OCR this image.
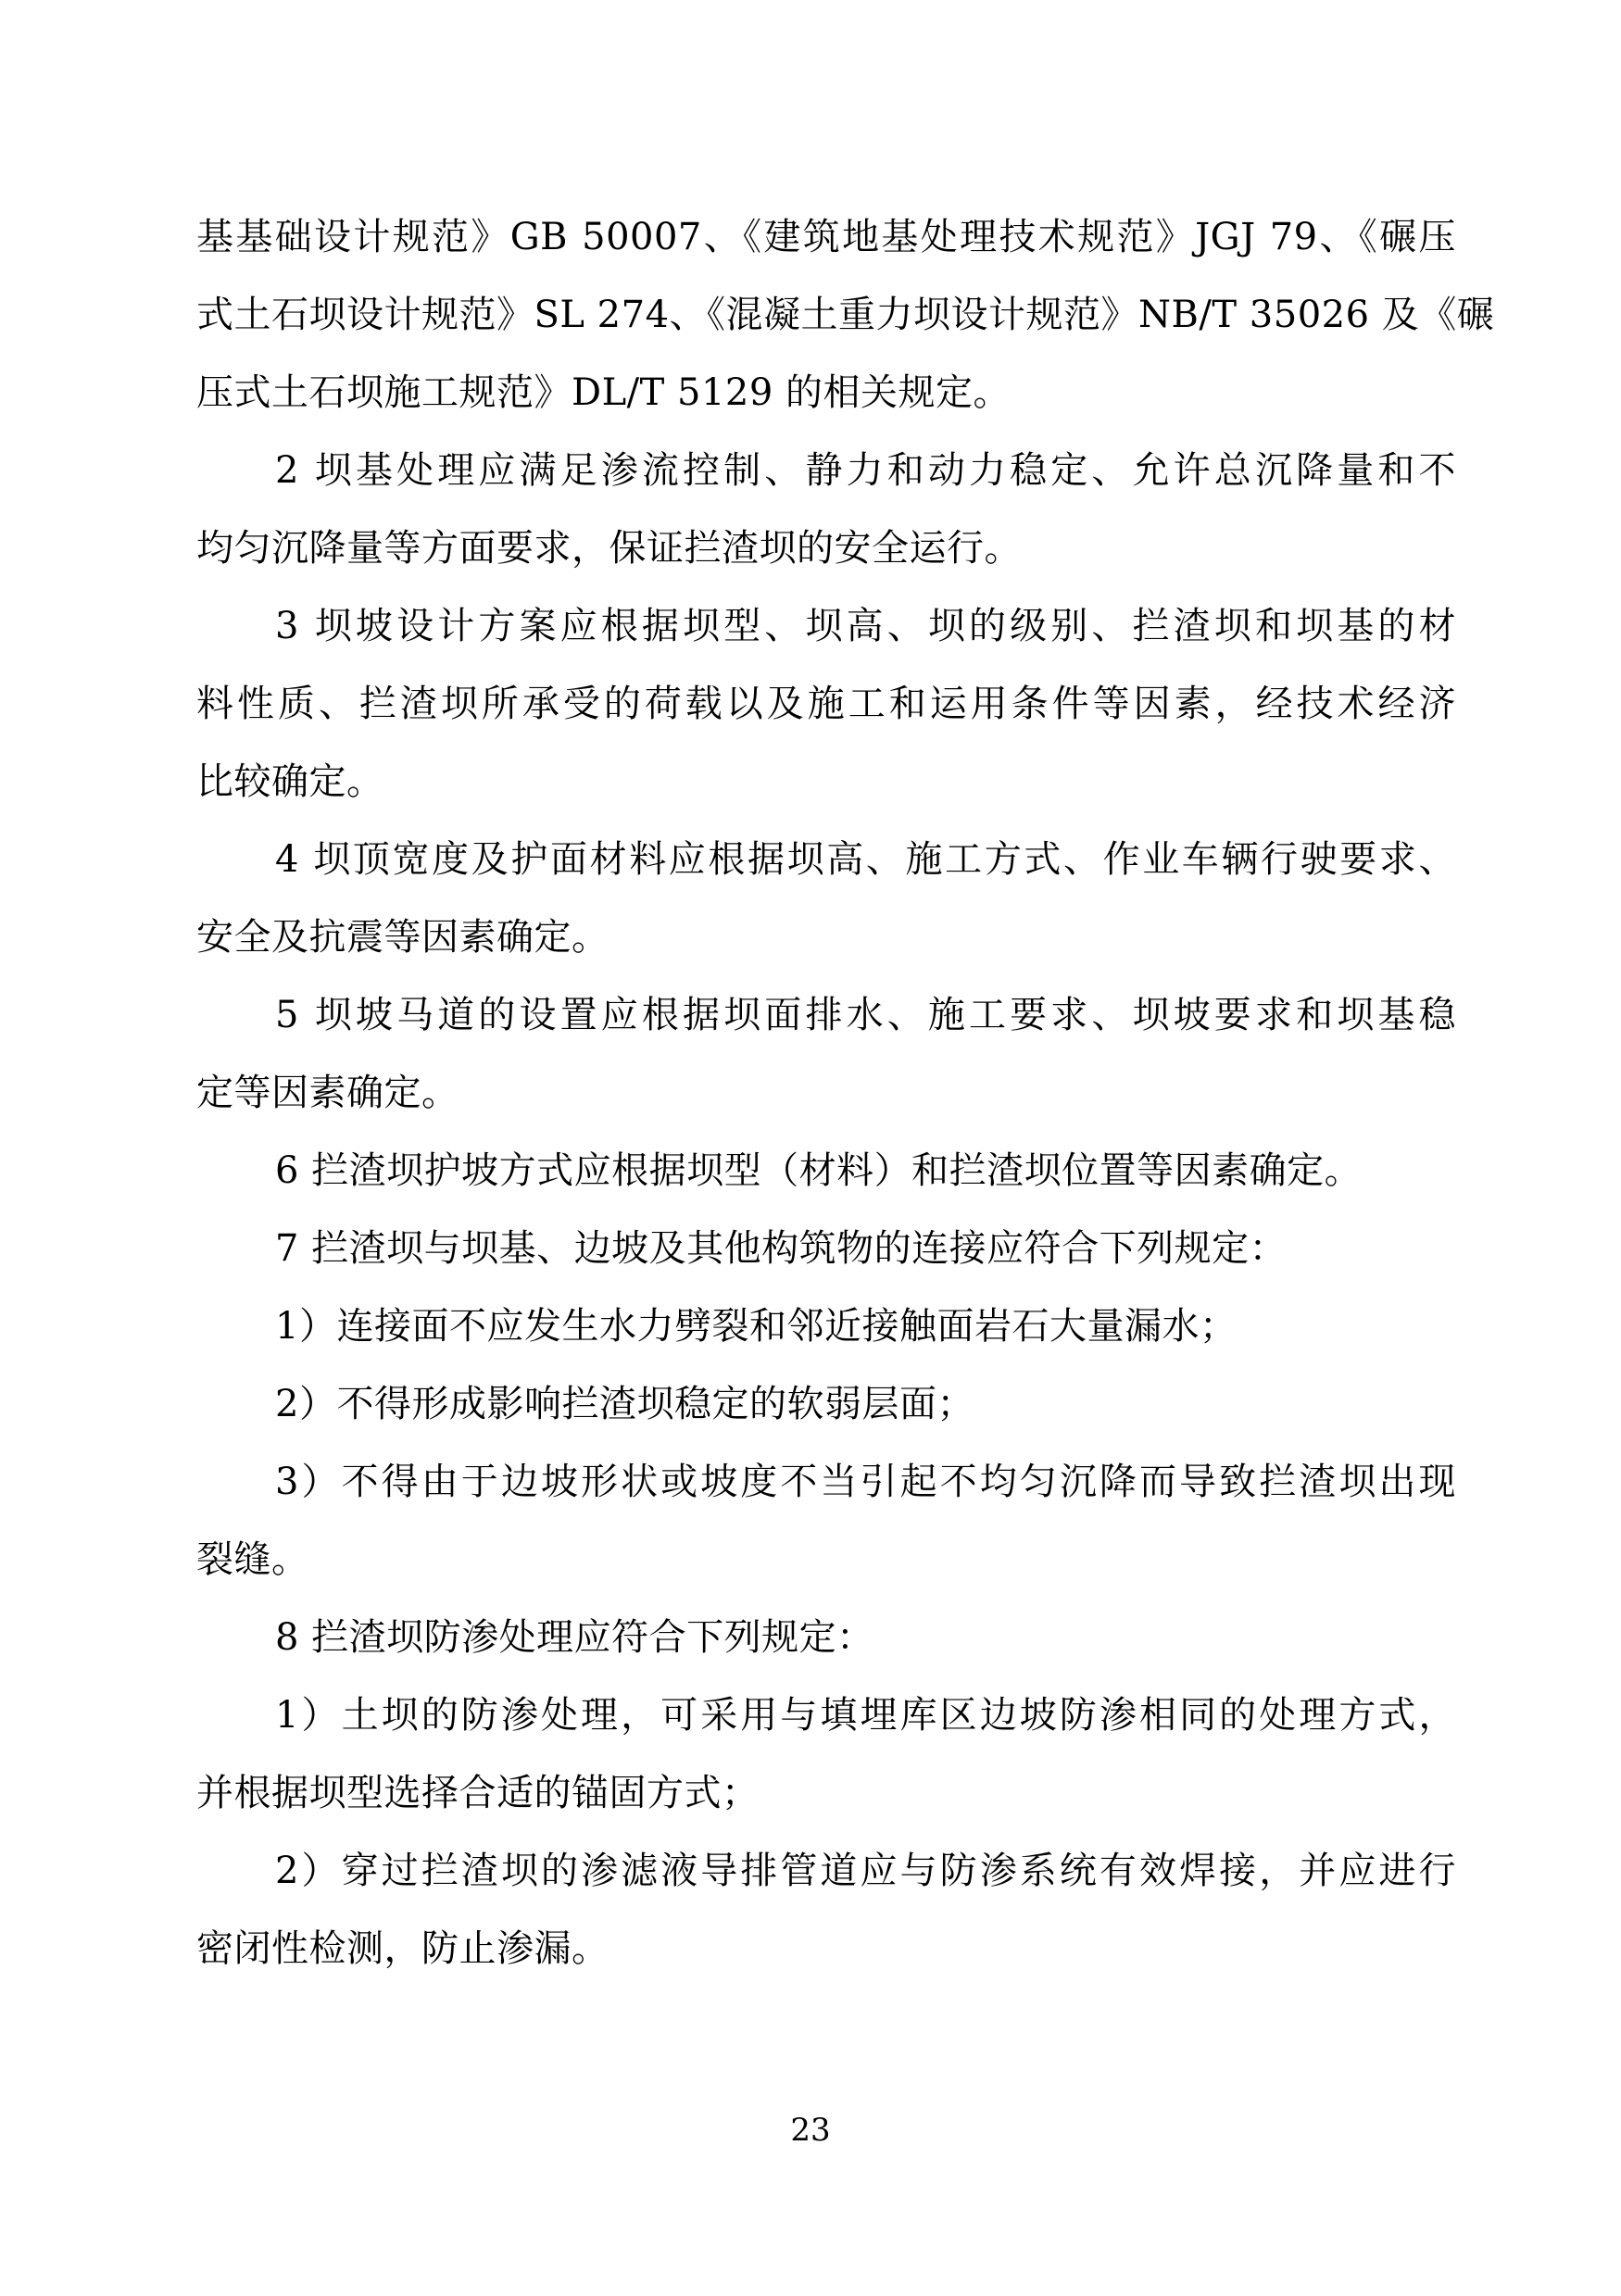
基基础设计规范》GB 50007、《建筑地基处理技术规范》JGJ 79、《碾压
式土石坝设计规范》SL 274、《混凝土重力坝设计规范》NB/T 35026 及《碾
压式土石坝施工规范》DL/T 5129 的相关规定。
2 坝基处理应满足渗流控制、静力和动力稳定、允许总沉降量和不
均匀沉降量等方面要求，保证拦渣坝的安全运行。
3 坝坡设计方案应根据坝型、坝高、坝的级别、拦渣坝和坝基的材
料性质、拦渣坝所承受的荷载以及施工和运用条件等因素，经技术经济
比较确定。
4 坝顶宽度及护面材料应根据坝高、施工方式、作业车辆行驶要求、
安全及抗震等因素确定。
5 坝坡马道的设置应根据坝面排水、施工要求、坝坡要求和坝基稳
定等因素确定。
6 拦渣坝护坡方式应根据坝型（材料）和拦渣坝位置等因素确定。
7 拦渣坝与坝基、边坡及其他构筑物的连接应符合下列规定：
1）连接面不应发生水力劈裂和邻近接触面岩石大量漏水；
2）不得形成影响拦渣坝稳定的软弱层面；
3）不得由于边坡形状或坡度不当引起不均匀沉降而导致拦渣坝出现
裂缝。
8 拦渣坝防渗处理应符合下列规定：
1）土坝的防渗处理，可采用与填埋库区边坡防渗相同的处理方式，
并根据坝型选择合适的锚固方式；
2）穿过拦渣坝的渗滤液导排管道应与防渗系统有效焊接，并应进行
密闭性检测，防止渗漏。
23
